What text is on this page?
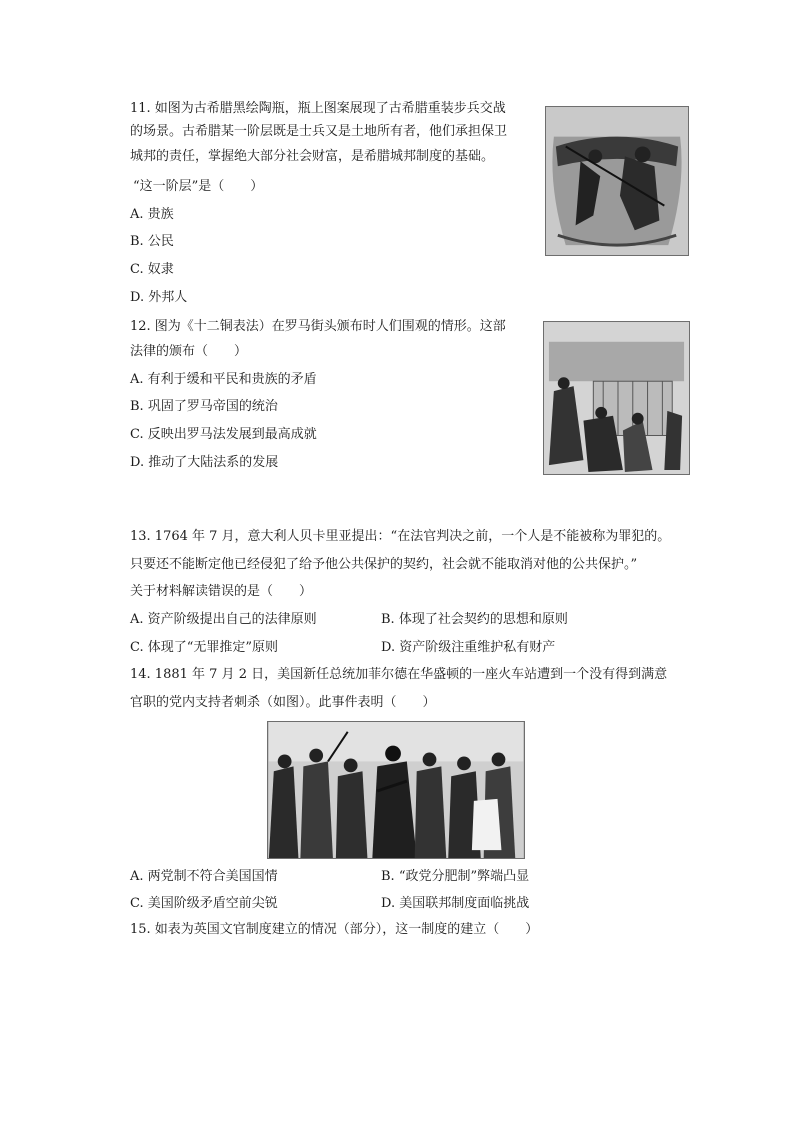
11. 如图为古希腊黑绘陶瓶，瓶上图案展现了古希腊重装步兵交战
的场景。古希腊某一阶层既是士兵又是土地所有者，他们承担保卫
城邦的责任，掌握绝大部分社会财富，是希腊城邦制度的基础。
“这一阶层”是（　　）
A. 贵族
B. 公民
C. 奴隶
D. 外邦人
12. 图为《十二铜表法）在罗马街头颁布时人们围观的情形。这部
法律的颁布（　　）
A. 有利于缓和平民和贵族的矛盾
B. 巩固了罗马帝国的统治
C. 反映出罗马法发展到最高成就
D. 推动了大陆法系的发展
13. 1764 年 7 月，意大利人贝卡里亚提出：“在法官判决之前，一个人是不能被称为罪犯的。
只要还不能断定他已经侵犯了给予他公共保护的契约，社会就不能取消对他的公共保护。”
关于材料解读错误的是（　　）
A. 资产阶级提出自己的法律原则	B. 体现了社会契约的思想和原则
C. 体现了“无罪推定”原则	D. 资产阶级注重维护私有财产
14. 1881 年 7 月 2 日，美国新任总统加菲尔德在华盛顿的一座火车站遭到一个没有得到满意
官职的党内支持者刺杀（如图）。此事件表明（　　）
A. 两党制不符合美国国情	B. “政党分肥制”弊端凸显
C. 美国阶级矛盾空前尖锐	D. 美国联邦制度面临挑战
15. 如表为英国文官制度建立的情况（部分），这一制度的建立（　　）
